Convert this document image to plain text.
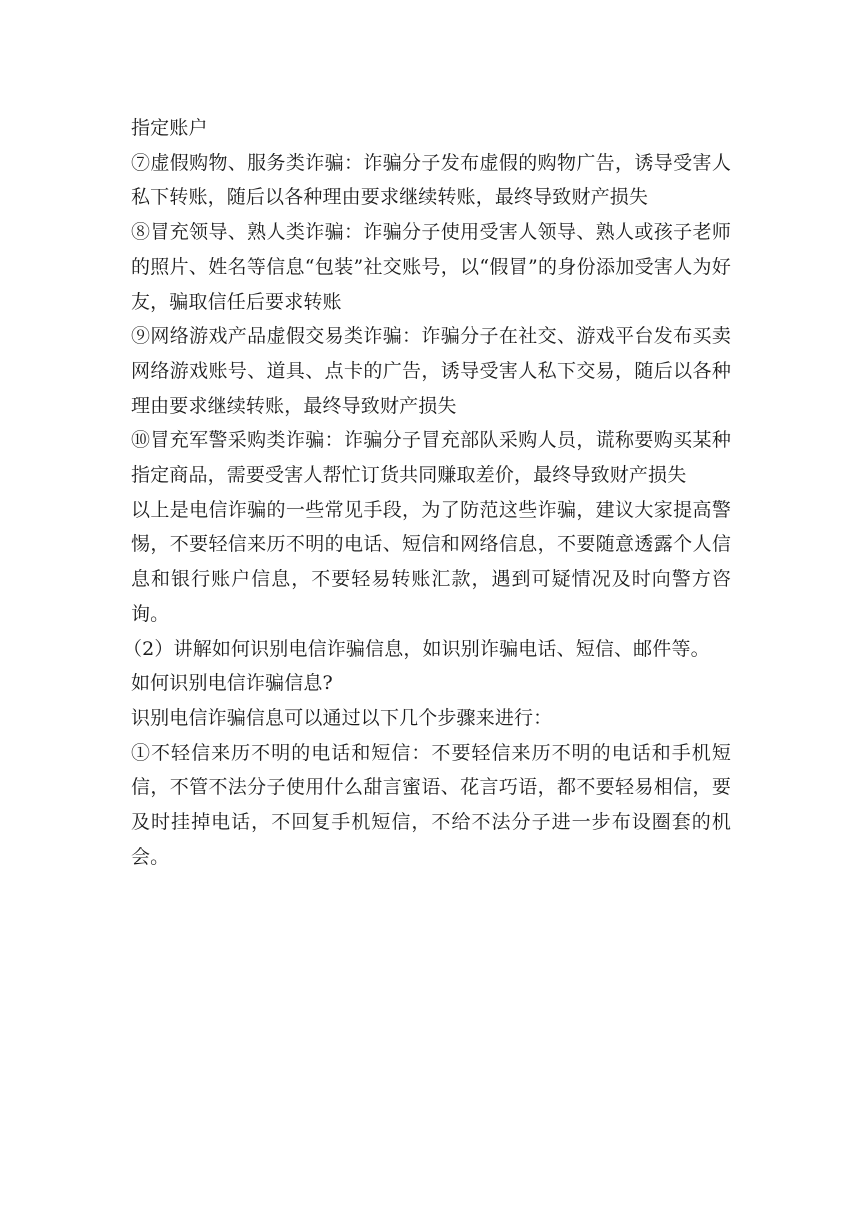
指定账户

⑦虚假购物、服务类诈骗：诈骗分子发布虚假的购物广告，诱导受害人私下转账，随后以各种理由要求继续转账，最终导致财产损失

⑧冒充领导、熟人类诈骗：诈骗分子使用受害人领导、熟人或孩子老师的照片、姓名等信息“包装”社交账号，以“假冒”的身份添加受害人为好友，骗取信任后要求转账

⑨网络游戏产品虚假交易类诈骗：诈骗分子在社交、游戏平台发布买卖网络游戏账号、道具、点卡的广告，诱导受害人私下交易，随后以各种理由要求继续转账，最终导致财产损失

⑩冒充军警采购类诈骗：诈骗分子冒充部队采购人员，谎称要购买某种指定商品，需要受害人帮忙订货共同赚取差价，最终导致财产损失

以上是电信诈骗的一些常见手段，为了防范这些诈骗，建议大家提高警惕，不要轻信来历不明的电话、短信和网络信息，不要随意透露个人信息和银行账户信息，不要轻易转账汇款，遇到可疑情况及时向警方咨询。

（2）讲解如何识别电信诈骗信息，如识别诈骗电话、短信、邮件等。

如何识别电信诈骗信息?

识别电信诈骗信息可以通过以下几个步骤来进行：

①不轻信来历不明的电话和短信：不要轻信来历不明的电话和手机短信，不管不法分子使用什么甜言蜜语、花言巧语，都不要轻易相信，要及时挂掉电话，不回复手机短信，不给不法分子进一步布设圈套的机会。
